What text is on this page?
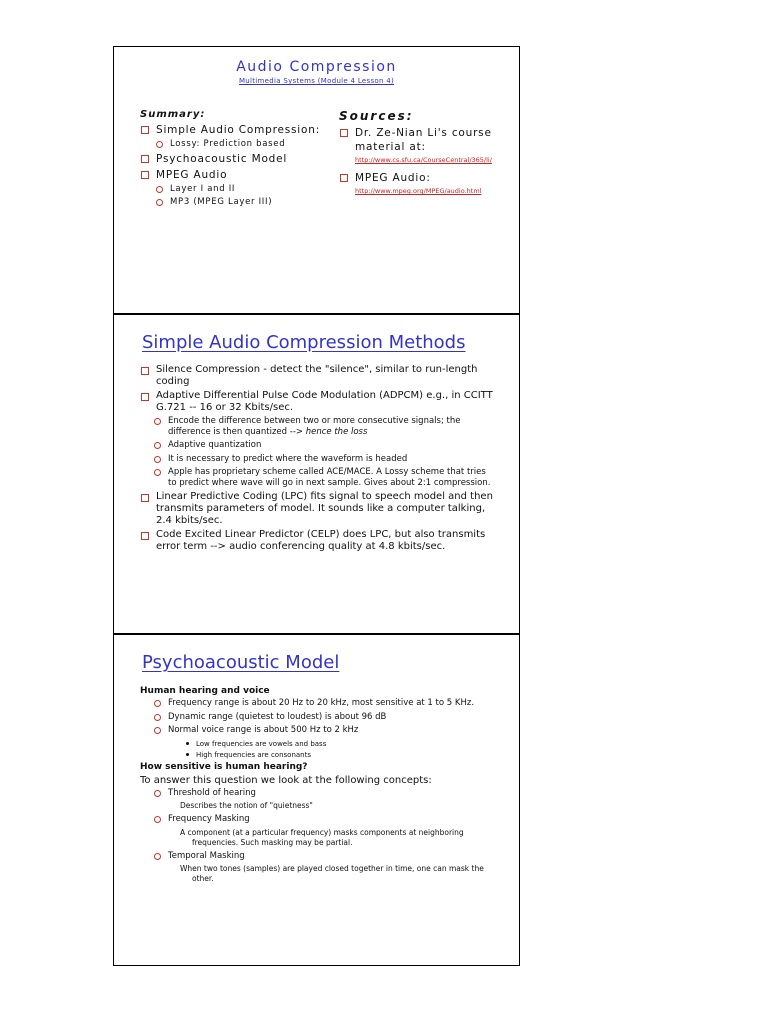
Audio Compression
Multimedia Systems (Module 4 Lesson 4)
Summary:
Simple Audio Compression:
Lossy: Prediction based
Psychoacoustic Model
MPEG Audio
Layer I and II
MP3 (MPEG Layer III)
Sources:
Dr. Ze-Nian Li's course material at:
http://www.cs.sfu.ca/CourseCentral/365/li/
MPEG Audio:
http://www.mpeg.org/MPEG/audio.html
Simple Audio Compression Methods
Silence Compression - detect the "silence", similar to run-length coding
Adaptive Differential Pulse Code Modulation (ADPCM) e.g., in CCITT G.721 -- 16 or 32 Kbits/sec.
Encode the difference between two or more consecutive signals; the difference is then quantized --> hence the loss
Adaptive quantization
It is necessary to predict where the waveform is headed
Apple has proprietary scheme called ACE/MACE. A Lossy scheme that tries to predict where wave will go in next sample. Gives about 2:1 compression.
Linear Predictive Coding (LPC) fits signal to speech model and then transmits parameters of model. It sounds like a computer talking, 2.4 kbits/sec.
Code Excited Linear Predictor (CELP) does LPC, but also transmits error term --> audio conferencing quality at 4.8 kbits/sec.
Psychoacoustic Model
Human hearing and voice
Frequency range is about 20 Hz to 20 kHz, most sensitive at 1 to 5 KHz.
Dynamic range (quietest to loudest) is about 96 dB
Normal voice range is about 500 Hz to 2 kHz
Low frequencies are vowels and bass
High frequencies are consonants
How sensitive is human hearing?
To answer this question we look at the following concepts:
Threshold of hearing
Describes the notion of "quietness"
Frequency Masking
A component (at a particular frequency) masks components at neighboring frequencies. Such masking may be partial.
Temporal Masking
When two tones (samples) are played closed together in time, one can mask the other.
